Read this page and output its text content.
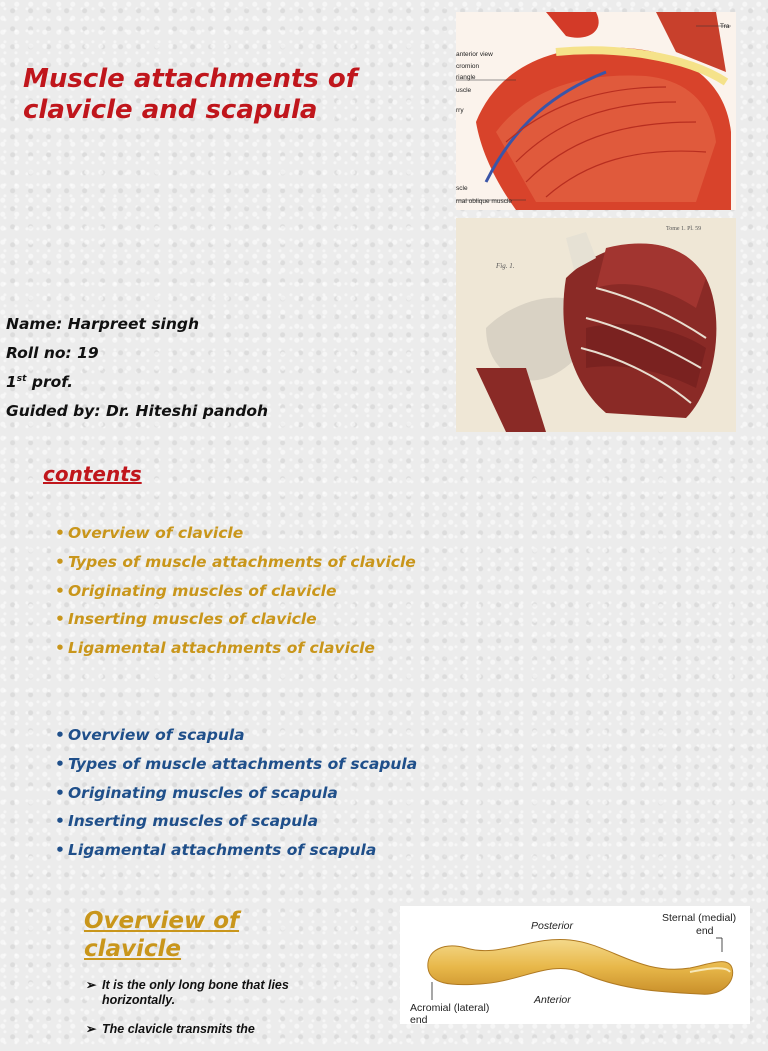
Muscle attachments of clavicle and scapula
anterior view
cromion
riangle
uscle
rry
scle
rnal oblique muscle
Tra
Fig. 1.
Tome 1. Pl. 59
Name: Harpreet singh
Roll no: 19
1st prof.
Guided by: Dr. Hiteshi pandoh
contents
• Overview of clavicle
• Types of muscle attachments of clavicle
• Originating muscles of clavicle
• Inserting muscles of clavicle
• Ligamental attachments of clavicle
• Overview of scapula
• Types of muscle attachments of scapula
• Originating muscles of scapula
• Inserting muscles of scapula
• Ligamental attachments of scapula
Overview of clavicle
➢ It is the only long bone that lies horizontally.
➢ The clavicle transmits the
Posterior
Anterior
Sternal (medial)
end
Acromial (lateral)
end
